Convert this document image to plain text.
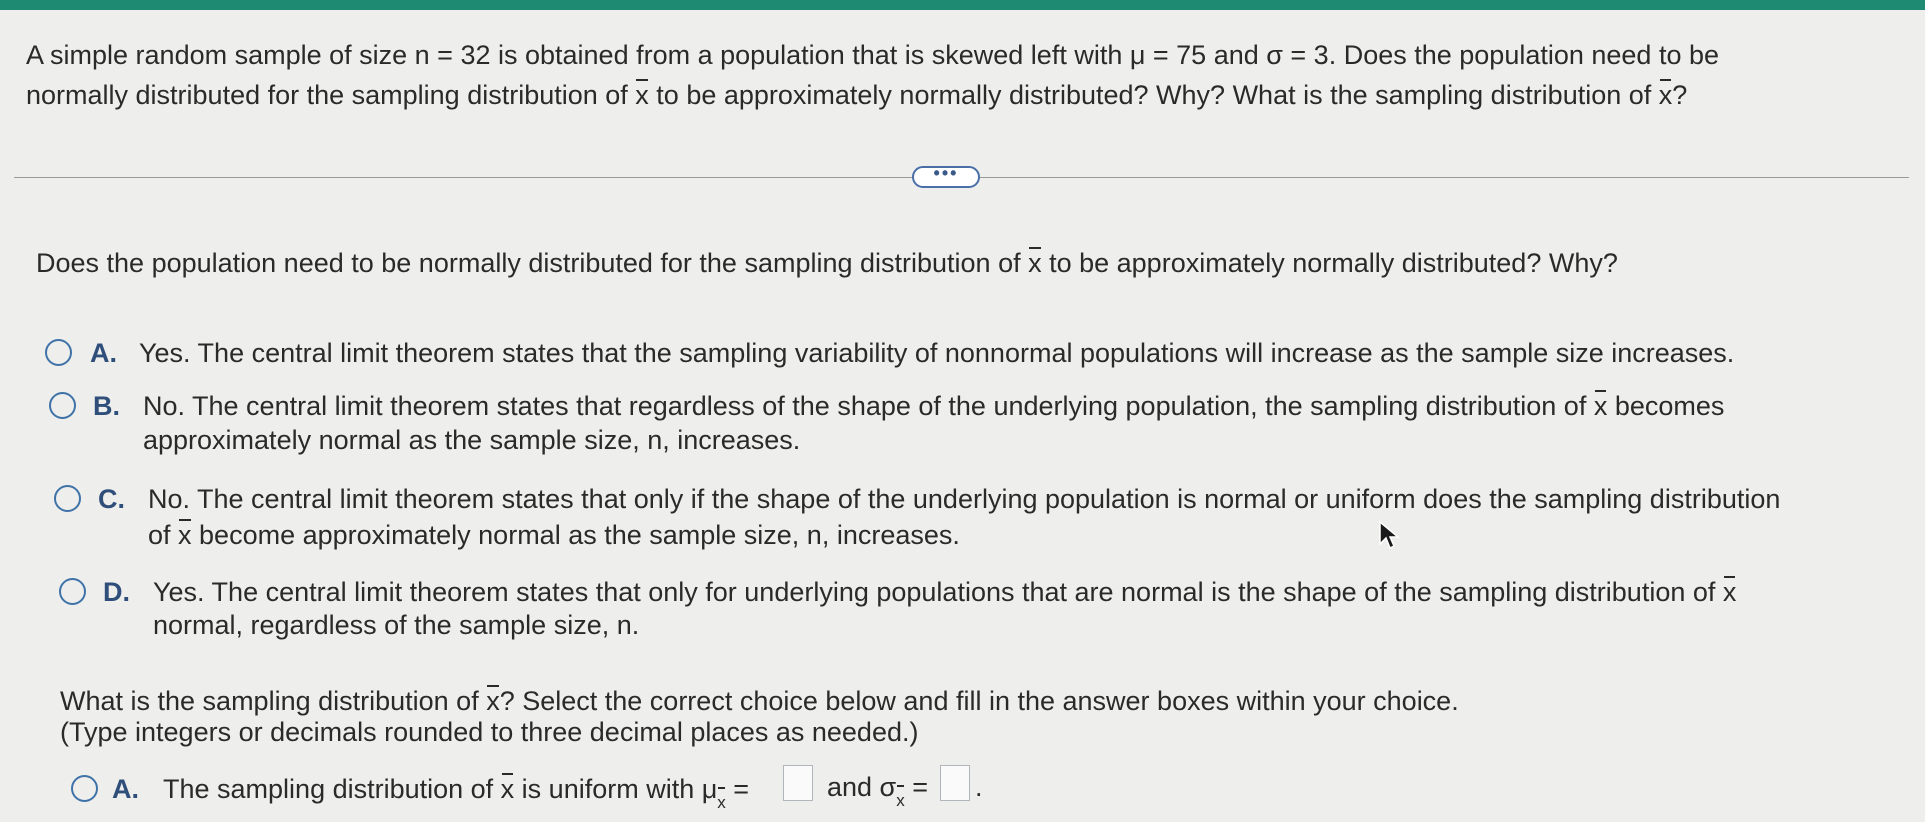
A simple random sample of size n = 32 is obtained from a population that is skewed left with μ = 75 and σ = 3. Does the population need to be
normally distributed for the sampling distribution of x to be approximately normally distributed? Why? What is the sampling distribution of x?
•••
Does the population need to be normally distributed for the sampling distribution of x to be approximately normally distributed? Why?
A. Yes. The central limit theorem states that the sampling variability of nonnormal populations will increase as the sample size increases.
B. No. The central limit theorem states that regardless of the shape of the underlying population, the sampling distribution of x becomes
approximately normal as the sample size, n, increases.
C. No. The central limit theorem states that only if the shape of the underlying population is normal or uniform does the sampling distribution
of x become approximately normal as the sample size, n, increases.
D. Yes. The central limit theorem states that only for underlying populations that are normal is the shape of the sampling distribution of x
normal, regardless of the sample size, n.
What is the sampling distribution of x? Select the correct choice below and fill in the answer boxes within your choice.
(Type integers or decimals rounded to three decimal places as needed.)
A. The sampling distribution of x is uniform with μx =	and σx = .
